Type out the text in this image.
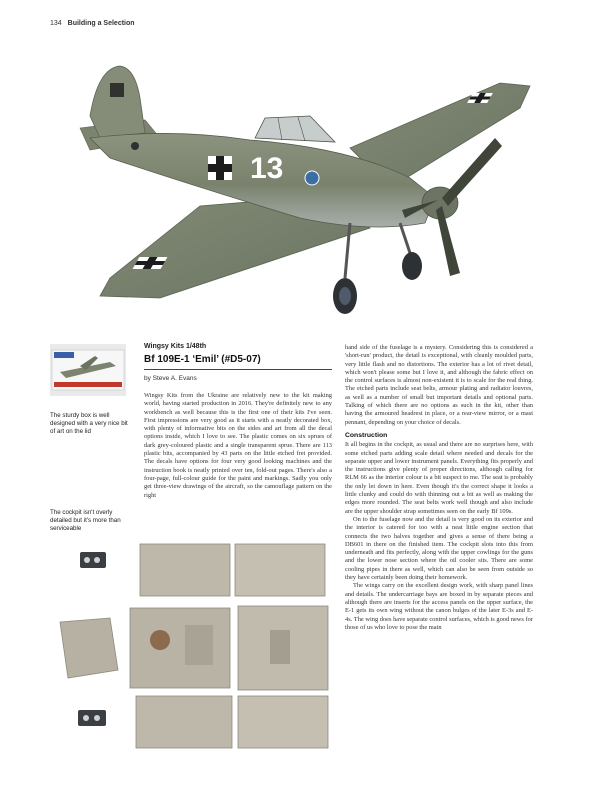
134 Building a Selection
13
The sturdy box is well designed with a very nice bit of art on the lid
The cockpit isn't overly detailed but it's more than serviceable
Wingsy Kits 1/48th
Bf 109E-1 ‘Emil’ (#D5-07)
by Steve A. Evans

Wingsy Kits from the Ukraine are relatively new to the kit making world, having started production in 2016. They're definitely new to any workbench as well because this is the first one of their kits I've seen. First impressions are very good as it starts with a neatly decorated box, with plenty of informative bits on the sides and art from all the decal options inside, which I love to see. The plastic comes on six sprues of dark grey-coloured plastic and a single transparent sprue. There are 113 plastic bits, accompanied by 43 parts on the little etched fret provided. The decals have options for four very good looking machines and the instruction book is neatly printed over ten, fold-out pages. There's also a four-page, full-colour guide for the paint and markings. Sadly you only get three-view drawings of the aircraft, so the camouflage pattern on the right

hand side of the fuselage is a mystery. Considering this is considered a 'short-run' product, the detail is exceptional, with cleanly moulded parts, very little flash and no distortions. The exterior has a lot of rivet detail, which won't please some but I love it, and although the fabric effect on the control surfaces is almost non-existent it is to scale for the real thing. The etched parts include seat belts, armour plating and radiator louvres, as well as a number of small but important details and optional parts. Talking of which there are no options as such in the kit, other than having the armoured headrest in place, or a rear-view mirror, or a mast pennant, depending on your choice of decals.

Construction

It all begins in the cockpit, as usual and there are no surprises here, with some etched parts adding scale detail where needed and decals for the separate upper and lower instrument panels. Everything fits properly and the instructions give plenty of proper directions, although calling for RLM 66 as the interior colour is a bit suspect to me. The seat is probably the only let down in here. Even though it's the correct shape it looks a little clunky and could do with thinning out a bit as well as making the edges more rounded. The seat belts work well though and also include are the upper shoulder strap sometimes seen on the early Bf 109s.

On to the fuselage now and the detail is very good on its exterior and the interior is catered for too with a neat little engine section that connects the two halves together and gives a sense of there being a DB601 in there on the finished item. The cockpit slots into this from underneath and fits perfectly, along with the upper cowlings for the guns and the lower nose section where the oil cooler sits. There are some cooling pipes in there as well, which can also be seen from outside so they have certainly been doing their homework.

The wings carry on the excellent design work, with sharp panel lines and details. The undercarriage bays are boxed in by separate pieces and although there are inserts for the access panels on the upper surface, the E-1 gets its own wing without the canon bulges of the later E-3s and E-4s. The wing does have separate control surfaces, which is good news for those of us who love to pose the main
